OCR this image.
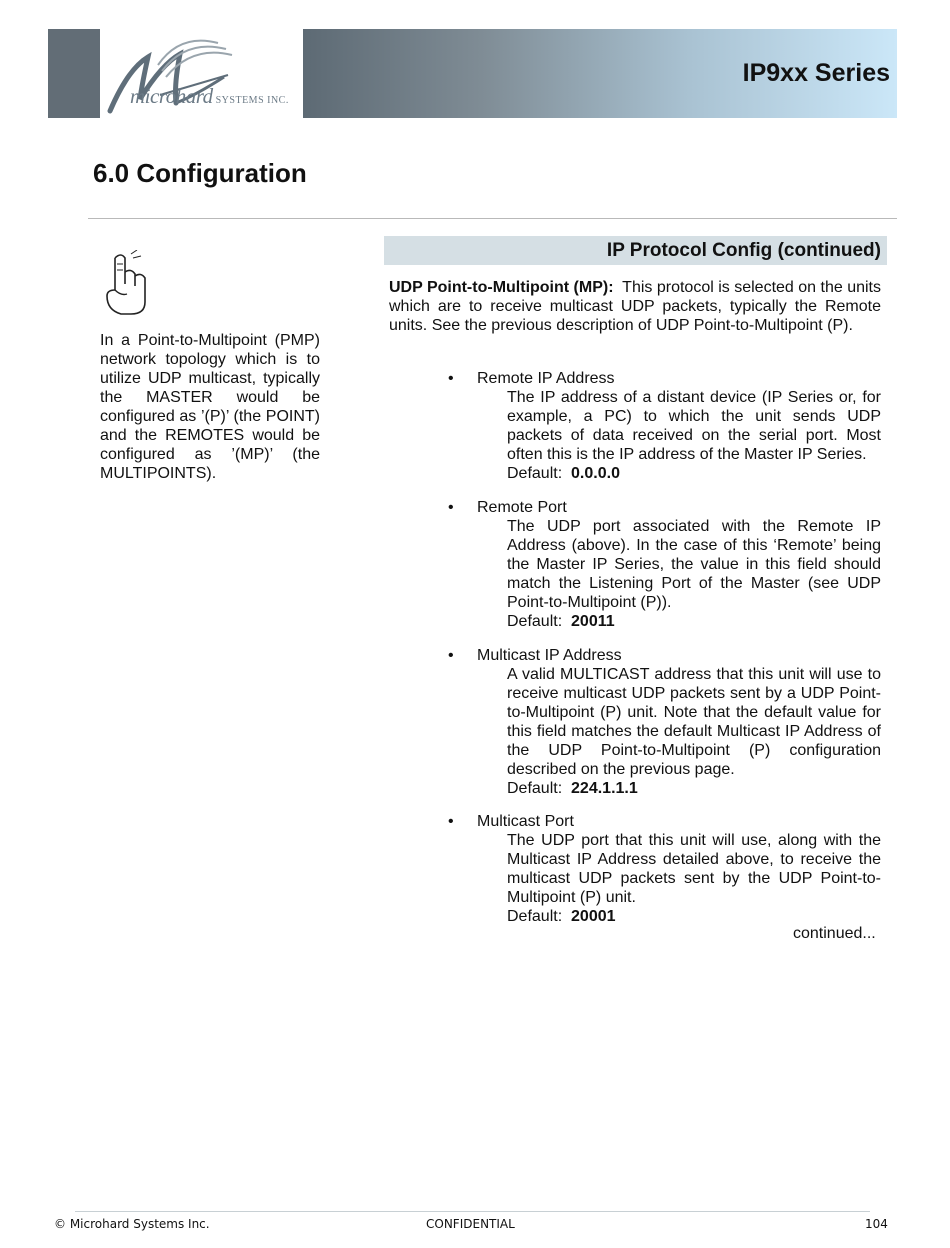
microhard SYSTEMS INC.
IP9xx Series
6.0 Configuration

In a Point-to-Multipoint (PMP) network topology which is to utilize UDP multicast, typically the MASTER would be configured as ’(P)’ (the POINT) and the REMOTES would be configured as ’(MP)’ (the MULTIPOINTS).

IP Protocol Config (continued)

UDP Point-to-Multipoint (MP): This protocol is selected on the units which are to receive multicast UDP packets, typically the Remote units. See the previous description of UDP Point-to-Multipoint (P).

• Remote IP Address
The IP address of a distant device (IP Series or, for example, a PC) to which the unit sends UDP packets of data received on the serial port. Most often this is the IP address of the Master IP Series.
Default: 0.0.0.0
• Remote Port
The UDP port associated with the Remote IP Address (above). In the case of this ‘Remote’ being the Master IP Series, the value in this field should match the Listening Port of the Master (see UDP Point-to-Multipoint (P)).
Default: 20011
• Multicast IP Address
A valid MULTICAST address that this unit will use to receive multicast UDP packets sent by a UDP Point-to-Multipoint (P) unit. Note that the default value for this field matches the default Multicast IP Address of the UDP Point-to-Multipoint (P) configuration described on the previous page.
Default: 224.1.1.1
• Multicast Port
The UDP port that this unit will use, along with the Multicast IP Address detailed above, to receive the multicast UDP packets sent by the UDP Point-to-Multipoint (P) unit.
Default: 20001
continued...
© Microhard Systems Inc.	CONFIDENTIAL	104
